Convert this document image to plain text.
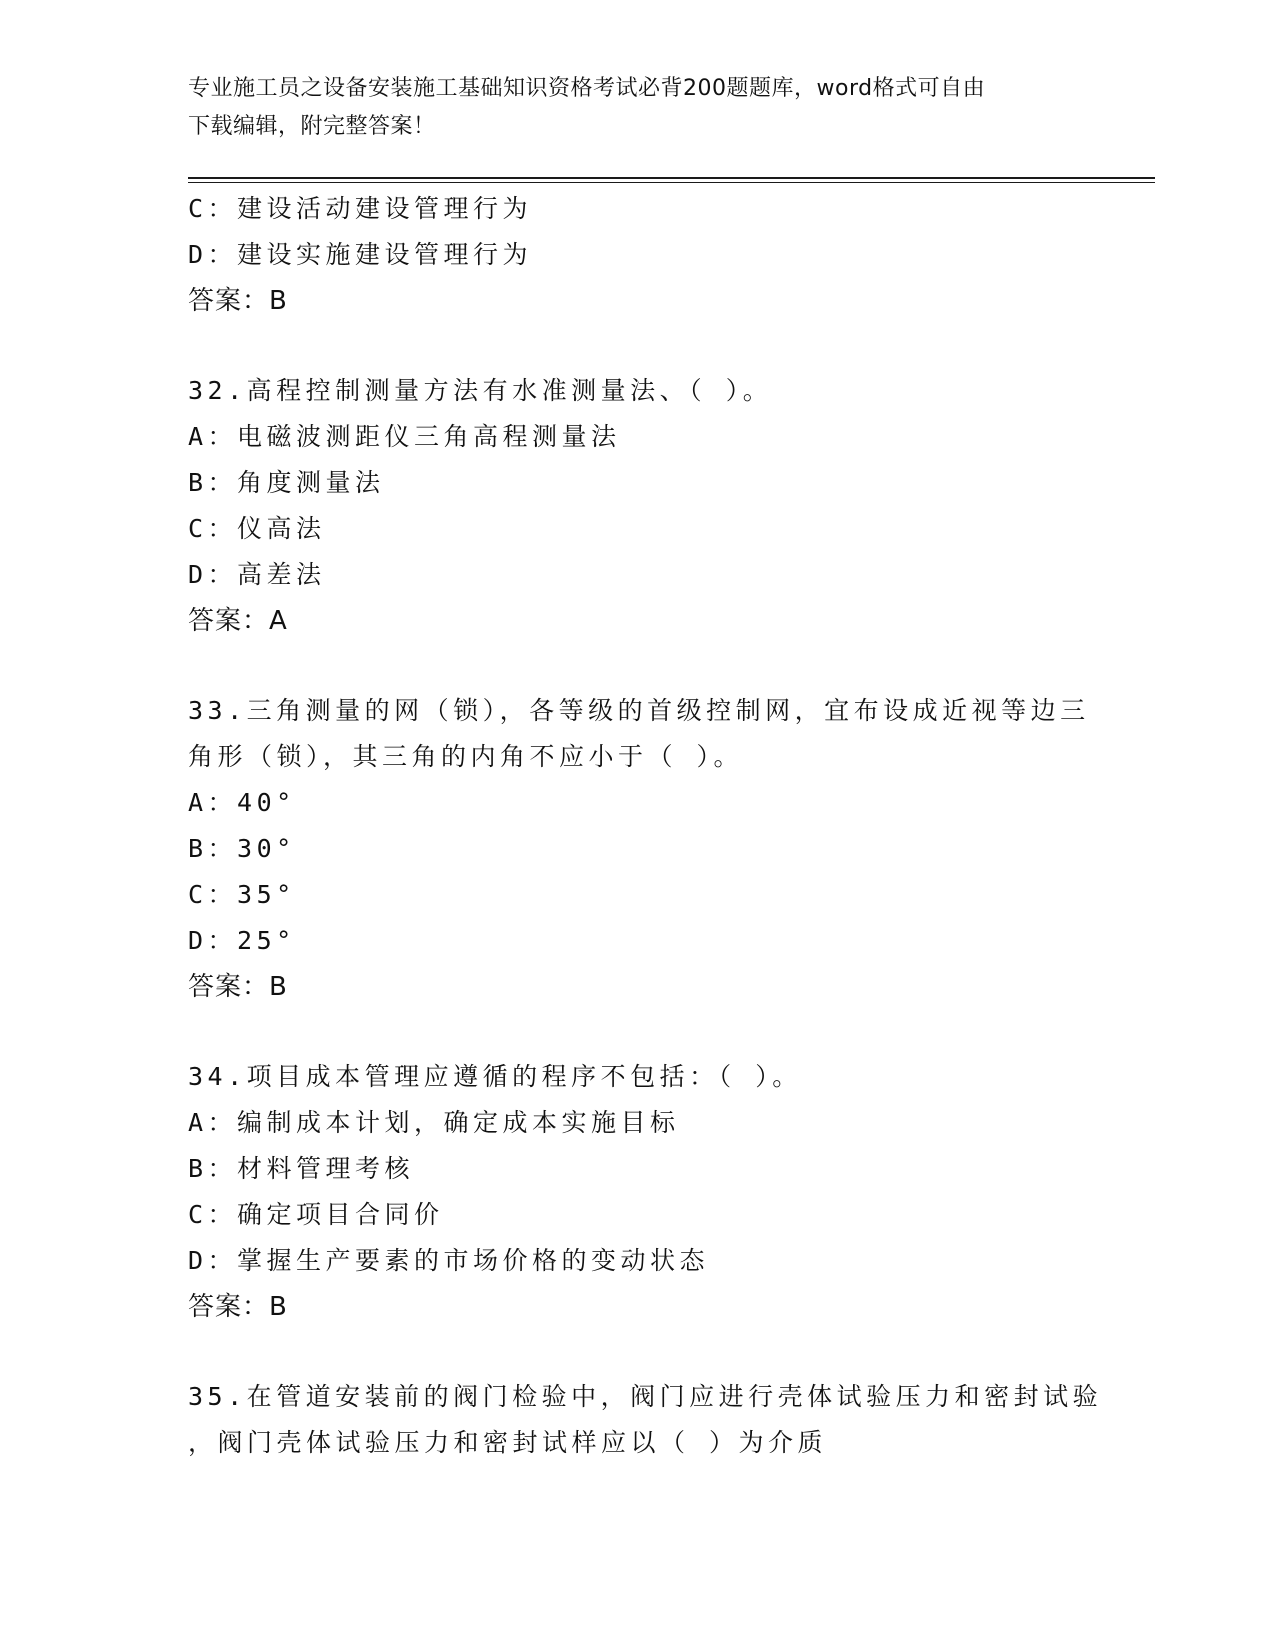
专业施工员之设备安装施工基础知识资格考试必背200题题库，word格式可自由
下载编辑，附完整答案！
C：建设活动建设管理行为
D：建设实施建设管理行为
答案：B
32.高程控制测量方法有水准测量法、（ ）。
A：电磁波测距仪三角高程测量法
B：角度测量法
C：仪高法
D：高差法
答案：A
33.三角测量的网（锁），各等级的首级控制网，宜布设成近视等边三
角形（锁），其三角的内角不应小于（ ）。
A：40°
B：30°
C：35°
D：25°
答案：B
34.项目成本管理应遵循的程序不包括：（ ）。
A：编制成本计划，确定成本实施目标
B：材料管理考核
C：确定项目合同价
D：掌握生产要素的市场价格的变动状态
答案：B
35.在管道安装前的阀门检验中，阀门应进行壳体试验压力和密封试验
，阀门壳体试验压力和密封试样应以（ ）为介质
